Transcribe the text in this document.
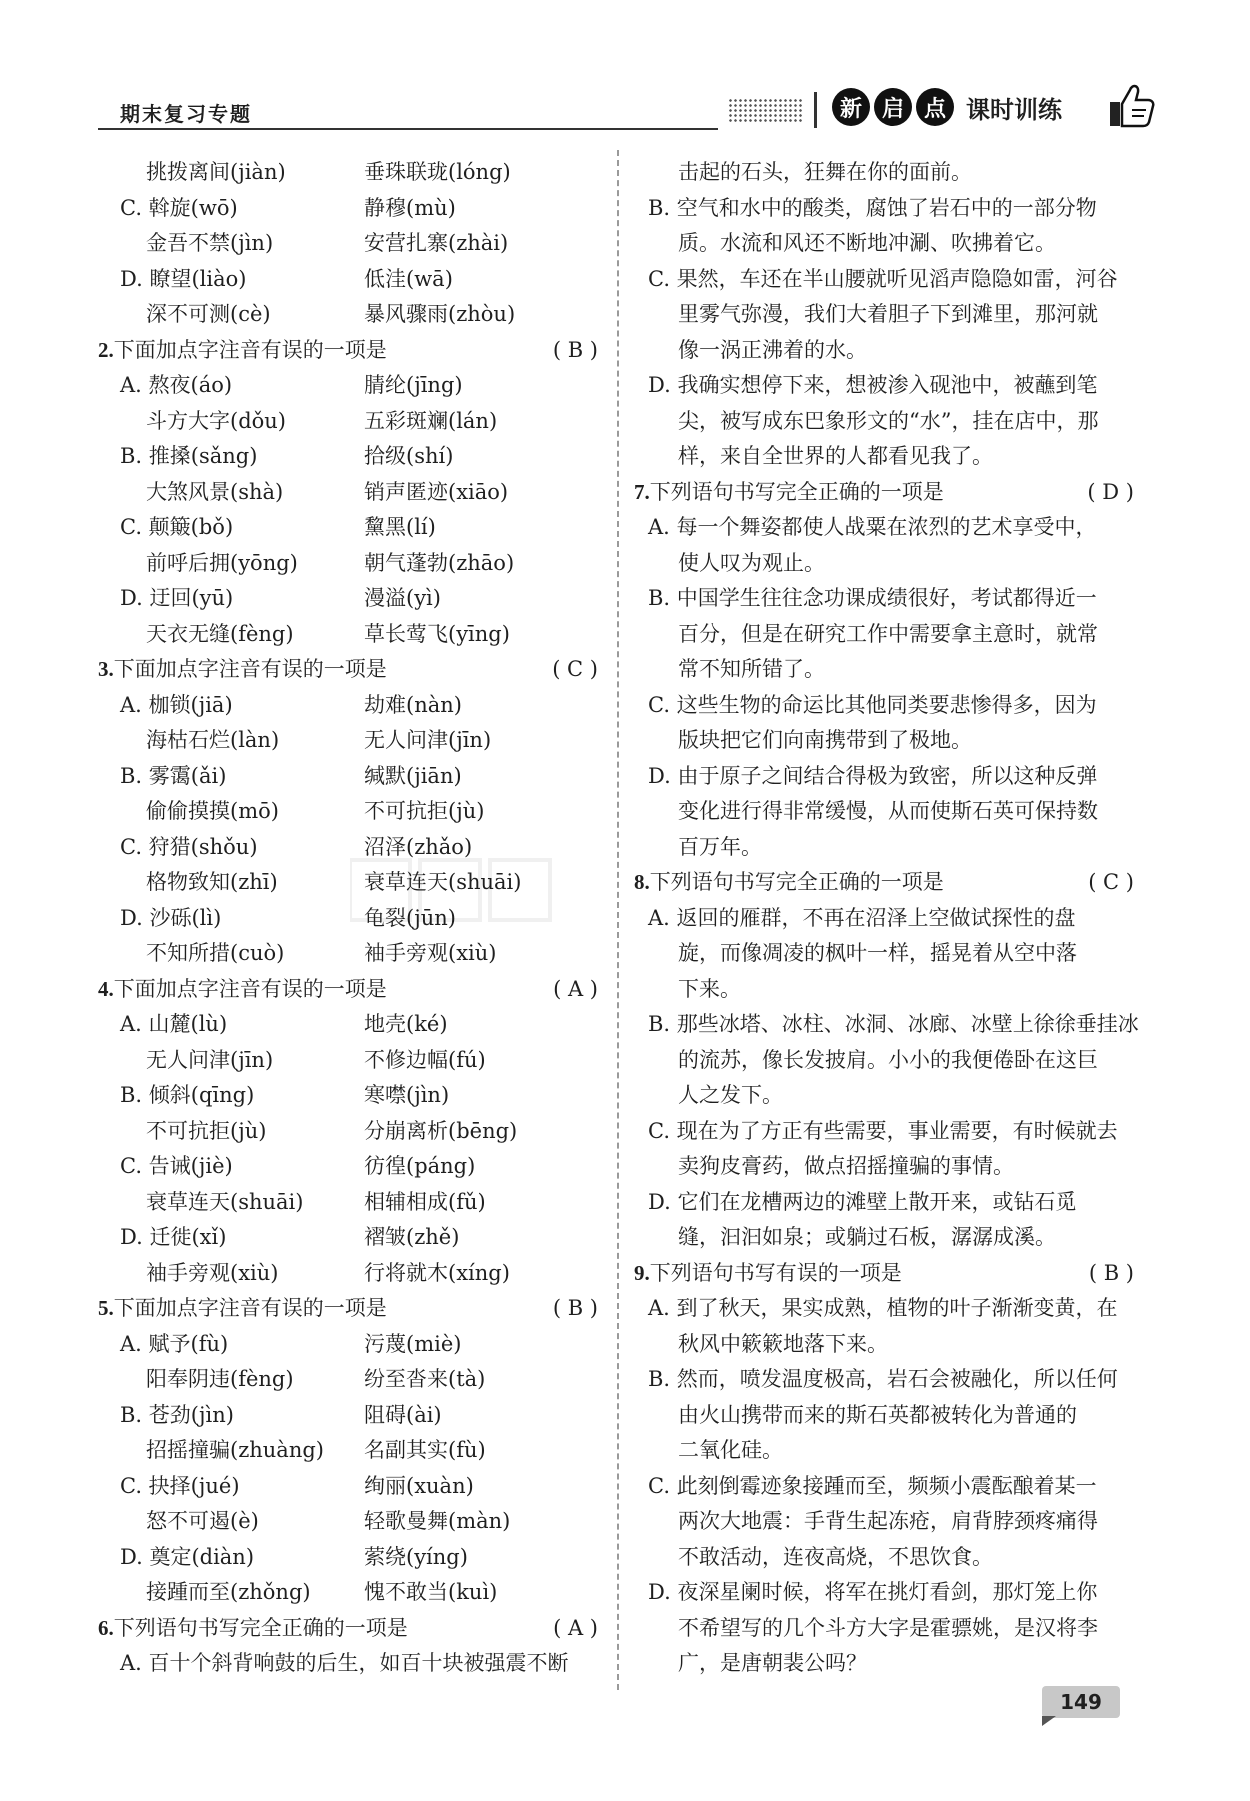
期末复习专题	新 启 点 课时训练
挑拨离间(jiàn)	垂珠联珑(lóng)
C. 斡旋(wō)	静穆(mù)
金吾不禁(jìn)	安营扎寨(zhài)
D. 瞭望(liào)	低洼(wā)
深不可测(cè)	暴风骤雨(zhòu)
2.下面加点字注音有误的一项是	( B )
A. 熬夜(áo)	腈纶(jīng)
斗方大字(dǒu)	五彩斑斓(lán)
B. 推搡(sǎng)	拾级(shí)
大煞风景(shà)	销声匿迹(xiāo)
C. 颠簸(bǒ)	黧黑(lí)
前呼后拥(yōng)	朝气蓬勃(zhāo)
D. 迂回(yū)	漫溢(yì)
天衣无缝(fèng)	草长莺飞(yīng)
3.下面加点字注音有误的一项是	( C )
A. 枷锁(jiā)	劫难(nàn)
海枯石烂(làn)	无人问津(jīn)
B. 雾霭(ǎi)	缄默(jiān)
偷偷摸摸(mō)	不可抗拒(jù)
C. 狩猎(shǒu)	沼泽(zhǎo)
格物致知(zhī)	衰草连天(shuāi)
D. 沙砾(lì)	龟裂(jūn)
不知所措(cuò)	袖手旁观(xiù)
4.下面加点字注音有误的一项是	( A )
A. 山麓(lù)	地壳(ké)
无人问津(jīn)	不修边幅(fú)
B. 倾斜(qīng)	寒噤(jìn)
不可抗拒(jù)	分崩离析(bēng)
C. 告诫(jiè)	彷徨(páng)
衰草连天(shuāi)	相辅相成(fǔ)
D. 迁徙(xǐ)	褶皱(zhě)
袖手旁观(xiù)	行将就木(xíng)
5.下面加点字注音有误的一项是	( B )
A. 赋予(fù)	污蔑(miè)
阳奉阴违(fèng)	纷至沓来(tà)
B. 苍劲(jìn)	阻碍(ài)
招摇撞骗(zhuàng)	名副其实(fù)
C. 抉择(jué)	绚丽(xuàn)
怒不可遏(è)	轻歌曼舞(màn)
D. 奠定(diàn)	萦绕(yíng)
接踵而至(zhǒng)	愧不敢当(kuì)
6.下列语句书写完全正确的一项是	( A )
A. 百十个斜背响鼓的后生，如百十块被强震不断
击起的石头，狂舞在你的面前。
B. 空气和水中的酸类，腐蚀了岩石中的一部分物
质。水流和风还不断地冲涮、吹拂着它。
C. 果然，车还在半山腰就听见滔声隐隐如雷，河谷
里雾气弥漫，我们大着胆子下到滩里，那河就
像一涡正沸着的水。
D. 我确实想停下来，想被渗入砚池中，被蘸到笔
尖，被写成东巴象形文的“水”，挂在店中，那
样，来自全世界的人都看见我了。
7.下列语句书写完全正确的一项是	( D )
A. 每一个舞姿都使人战粟在浓烈的艺术享受中，
使人叹为观止。
B. 中国学生往往念功课成绩很好，考试都得近一
百分，但是在研究工作中需要拿主意时，就常
常不知所错了。
C. 这些生物的命运比其他同类要悲惨得多，因为
版块把它们向南携带到了极地。
D. 由于原子之间结合得极为致密，所以这种反弹
变化进行得非常缓慢，从而使斯石英可保持数
百万年。
8.下列语句书写完全正确的一项是	( C )
A. 返回的雁群，不再在沼泽上空做试探性的盘
旋，而像凋凌的枫叶一样，摇晃着从空中落
下来。
B. 那些冰塔、冰柱、冰洞、冰廊、冰壁上徐徐垂挂冰
的流苏，像长发披肩。小小的我便倦卧在这巨
人之发下。
C. 现在为了方正有些需要，事业需要，有时候就去
卖狗皮膏药，做点招摇撞骗的事情。
D. 它们在龙槽两边的滩壁上散开来，或钻石觅
缝，汩汩如泉；或躺过石板，潺潺成溪。
9.下列语句书写有误的一项是	( B )
A. 到了秋天，果实成熟，植物的叶子渐渐变黄，在
秋风中簌簌地落下来。
B. 然而，喷发温度极高，岩石会被融化，所以任何
由火山携带而来的斯石英都被转化为普通的
二氧化硅。
C. 此刻倒霉迹象接踵而至，频频小震酝酿着某一
两次大地震：手背生起冻疮，肩背脖颈疼痛得
不敢活动，连夜高烧，不思饮食。
D. 夜深星阑时候，将军在挑灯看剑，那灯笼上你
不希望写的几个斗方大字是霍骠姚，是汉将李
广，是唐朝裴公吗？
149
